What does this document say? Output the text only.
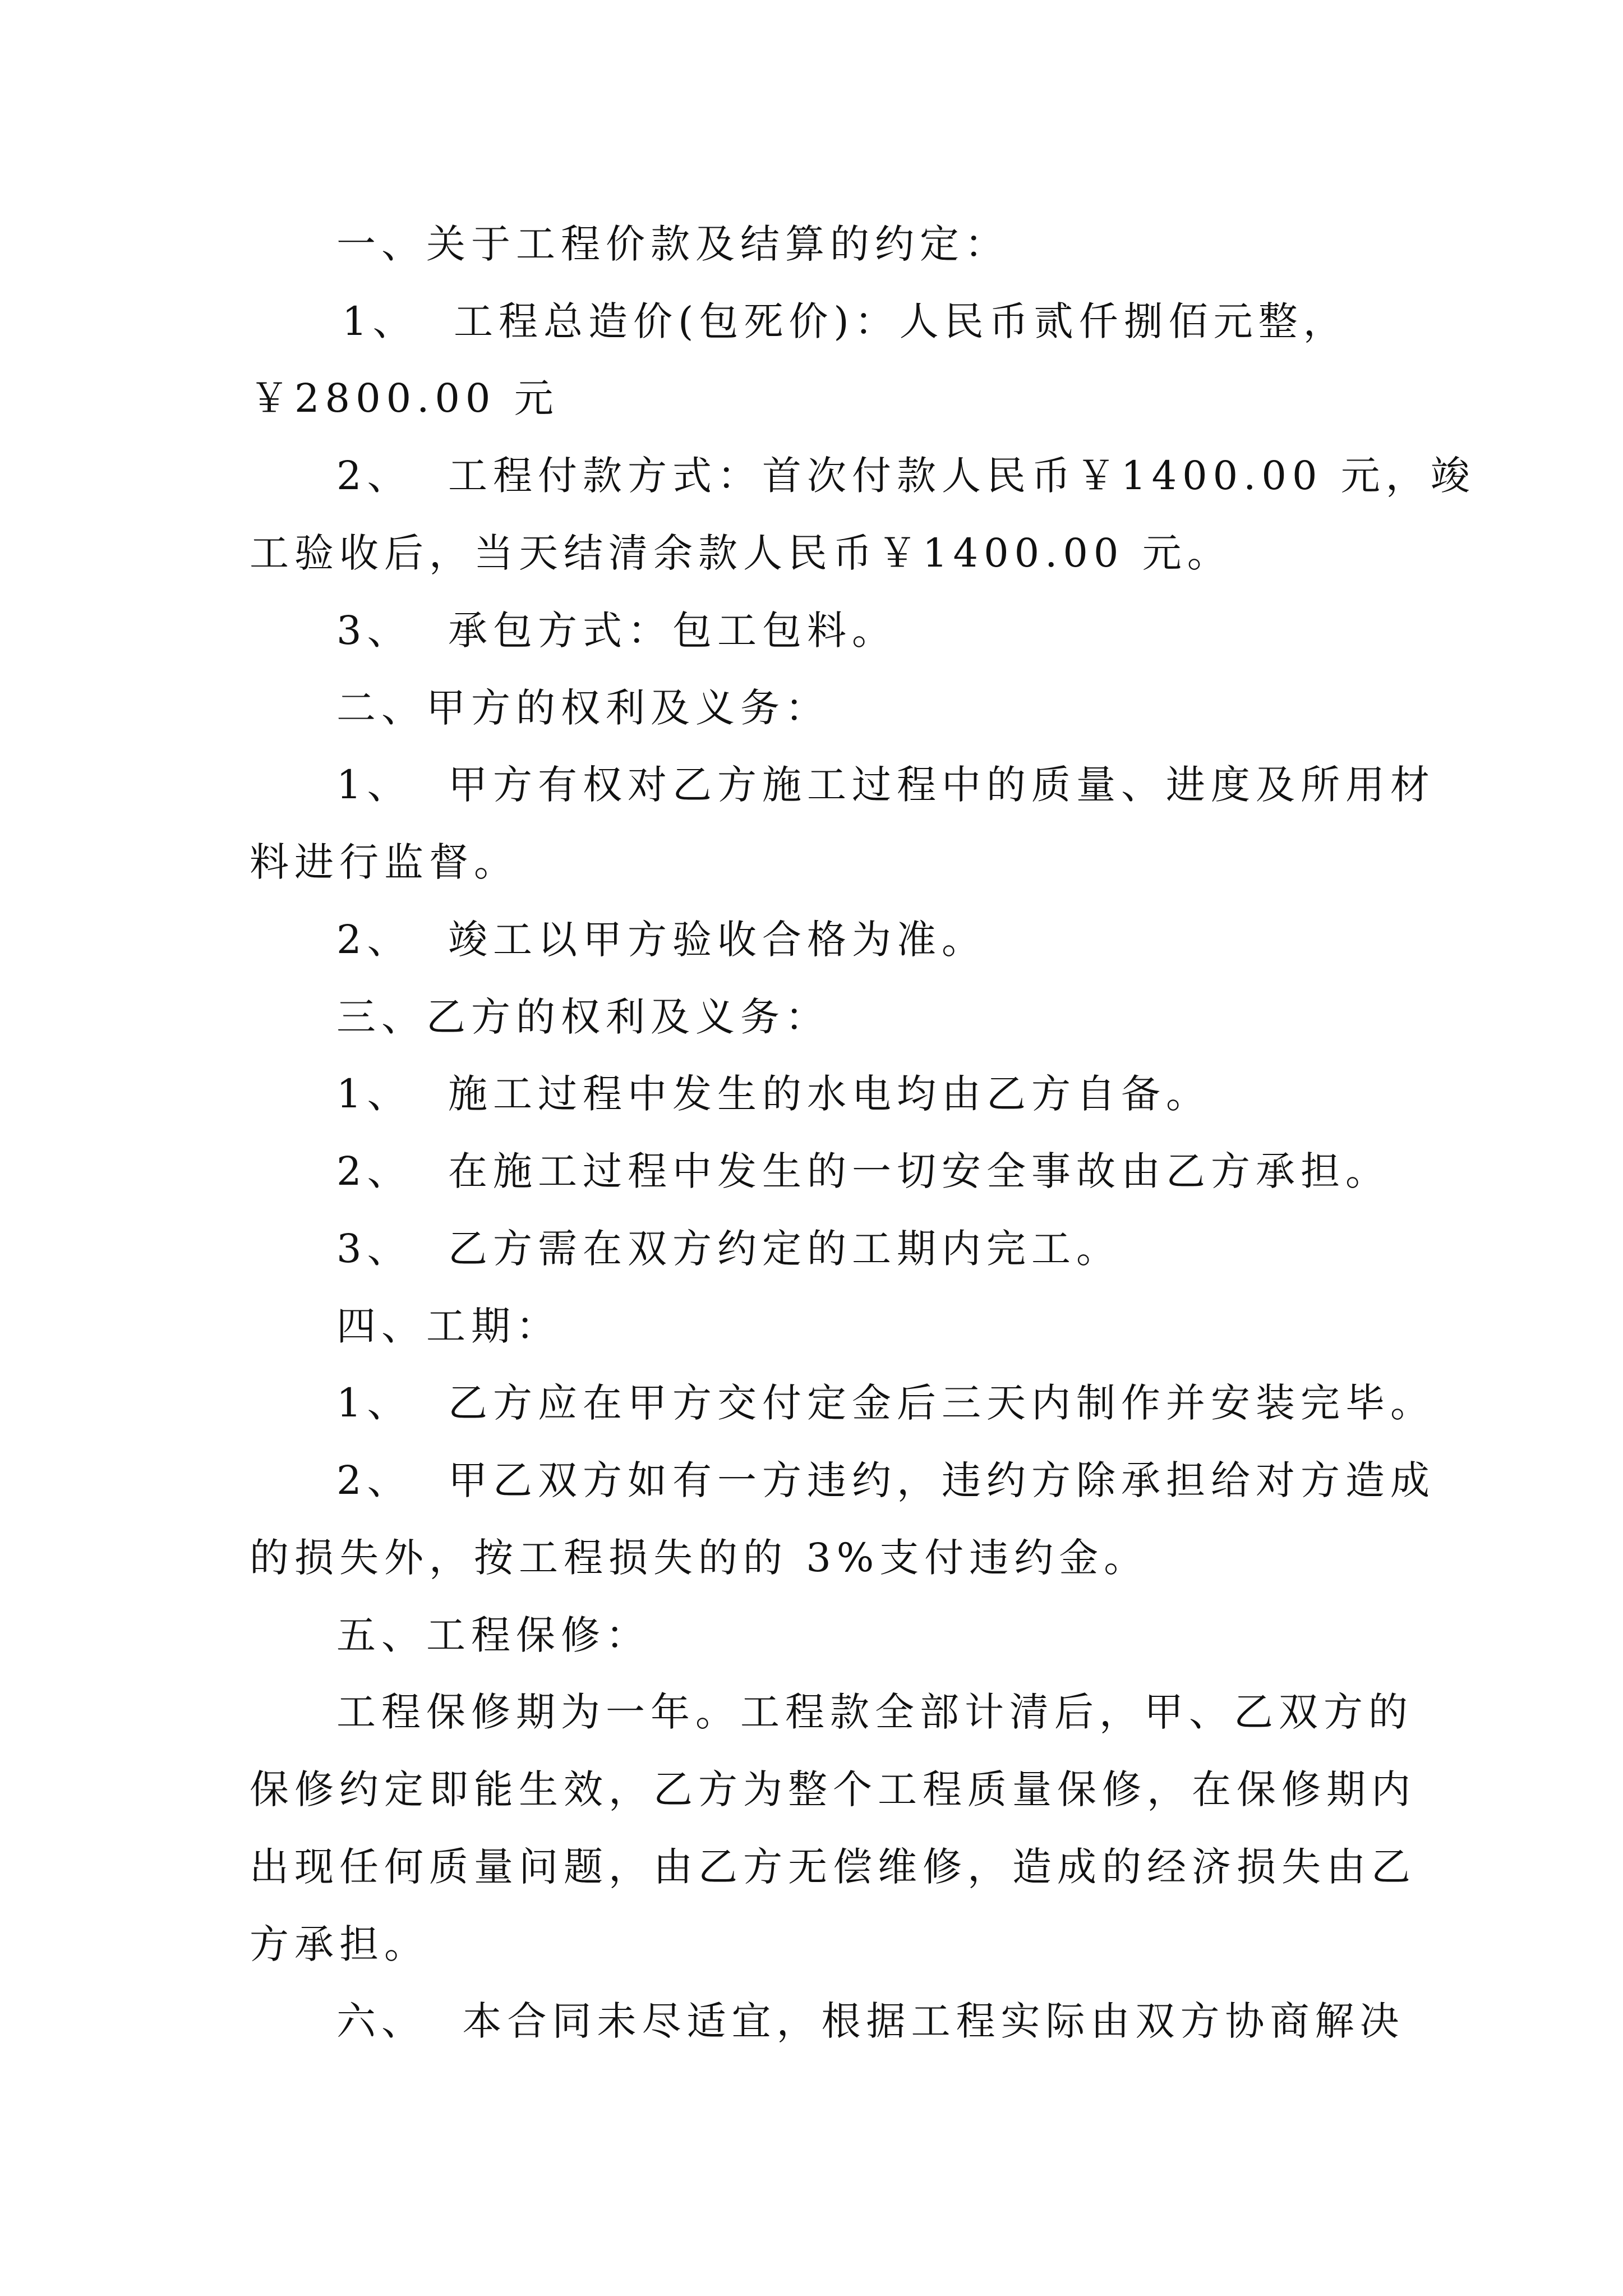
一、关于工程价款及结算的约定：
1、  工程总造价(包死价)：人民币贰仟捌佰元整，
￥2800.00 元
2、  工程付款方式：首次付款人民币￥1400.00 元，竣
工验收后，当天结清余款人民币￥1400.00 元。
3、  承包方式：包工包料。
二、甲方的权利及义务：
1、  甲方有权对乙方施工过程中的质量、进度及所用材
料进行监督。
2、  竣工以甲方验收合格为准。
三、乙方的权利及义务：
1、  施工过程中发生的水电均由乙方自备。
2、  在施工过程中发生的一切安全事故由乙方承担。
3、  乙方需在双方约定的工期内完工。
四、工期：
1、  乙方应在甲方交付定金后三天内制作并安装完毕。
2、  甲乙双方如有一方违约，违约方除承担给对方造成
的损失外，按工程损失的的 3%支付违约金。
五、工程保修：
工程保修期为一年。工程款全部计清后，甲、乙双方的
保修约定即能生效，乙方为整个工程质量保修，在保修期内
出现任何质量问题，由乙方无偿维修，造成的经济损失由乙
方承担。
六、  本合同未尽适宜，根据工程实际由双方协商解决
